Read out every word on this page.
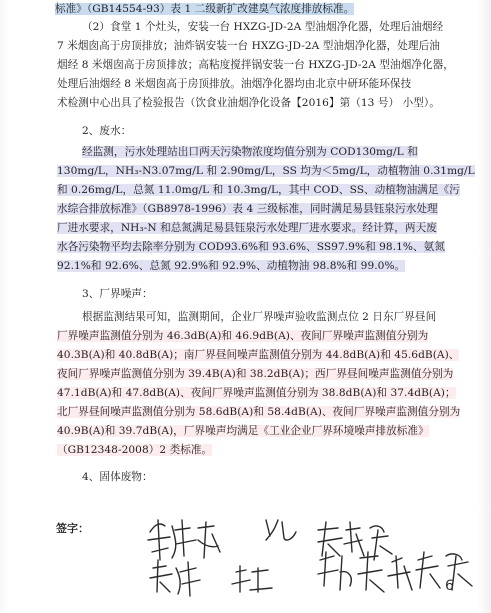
标准》（GB14554-93）表 1 二级新扩改建臭气浓度排放标准。
（2）食堂 1 个灶头，安装一台 HXZG-JD-2A 型油烟净化器，处理后油烟经
7 米烟囱高于房顶排放；油炸锅安装一台 HXZG-JD-2A 型油烟净化器，处理后油
烟经 8 米烟囱高于房顶排放；高粘度搅拌锅安装一台 HXZG-JD-2A 型油烟净化器，
处理后油烟经 8 米烟囱高于房顶排放。油烟净化器均由北京中研环能环保技
术检测中心出具了检验报告（饮食业油烟净化设备【2016】第（13 号） 小型）。
2、废水：
经监测，污水处理站出口两天污染物浓度均值分别为 COD130mg/L 和
130mg/L，NH₃-N3.07mg/L 和 2.90mg/L，SS 均为＜5mg/L，动植物油 0.31mg/L
和 0.26mg/L，总氮 11.0mg/L 和 10.3mg/L，其中 COD、SS、动植物油满足《污
水综合排放标准》（GB8978-1996）表 4 三级标准，同时满足易县钰泉污水处理
厂进水要求，NH₃-N 和总氮满足易县钰泉污水处理厂进水要求。经计算，两天废
水各污染物平均去除率分别为 COD93.6%和 93.6%、SS97.9%和 98.1%、氨氮
92.1%和 92.6%、总氮 92.9%和 92.9%、动植物油 98.8%和 99.0%。
3、厂界噪声：
根据监测结果可知，监测期间，企业厂界噪声验收监测点位 2 日东厂界昼间
厂界噪声监测值分别为 46.3dB(A)和 46.9dB(A)、夜间厂界噪声监测值分别为
40.3B(A)和 40.8dB(A)；南厂界昼间噪声监测值分别为 44.8dB(A)和 45.6dB(A)、
夜间厂界噪声监测值分别为 39.4B(A)和 38.2dB(A)；西厂界昼间噪声监测值分别为
47.1dB(A)和 47.8dB(A)、夜间厂界噪声监测值分别为 38.8dB(A)和 37.4dB(A)；
北厂界昼间噪声监测值分别为 58.6dB(A)和 58.4dB(A)、夜间厂界噪声监测值分别为
40.9B(A)和 39.7dB(A)，厂界噪声均满足《工业企业厂界环境噪声排放标准》
（GB12348-2008）2 类标准。
4、固体废物：
签字：
6
